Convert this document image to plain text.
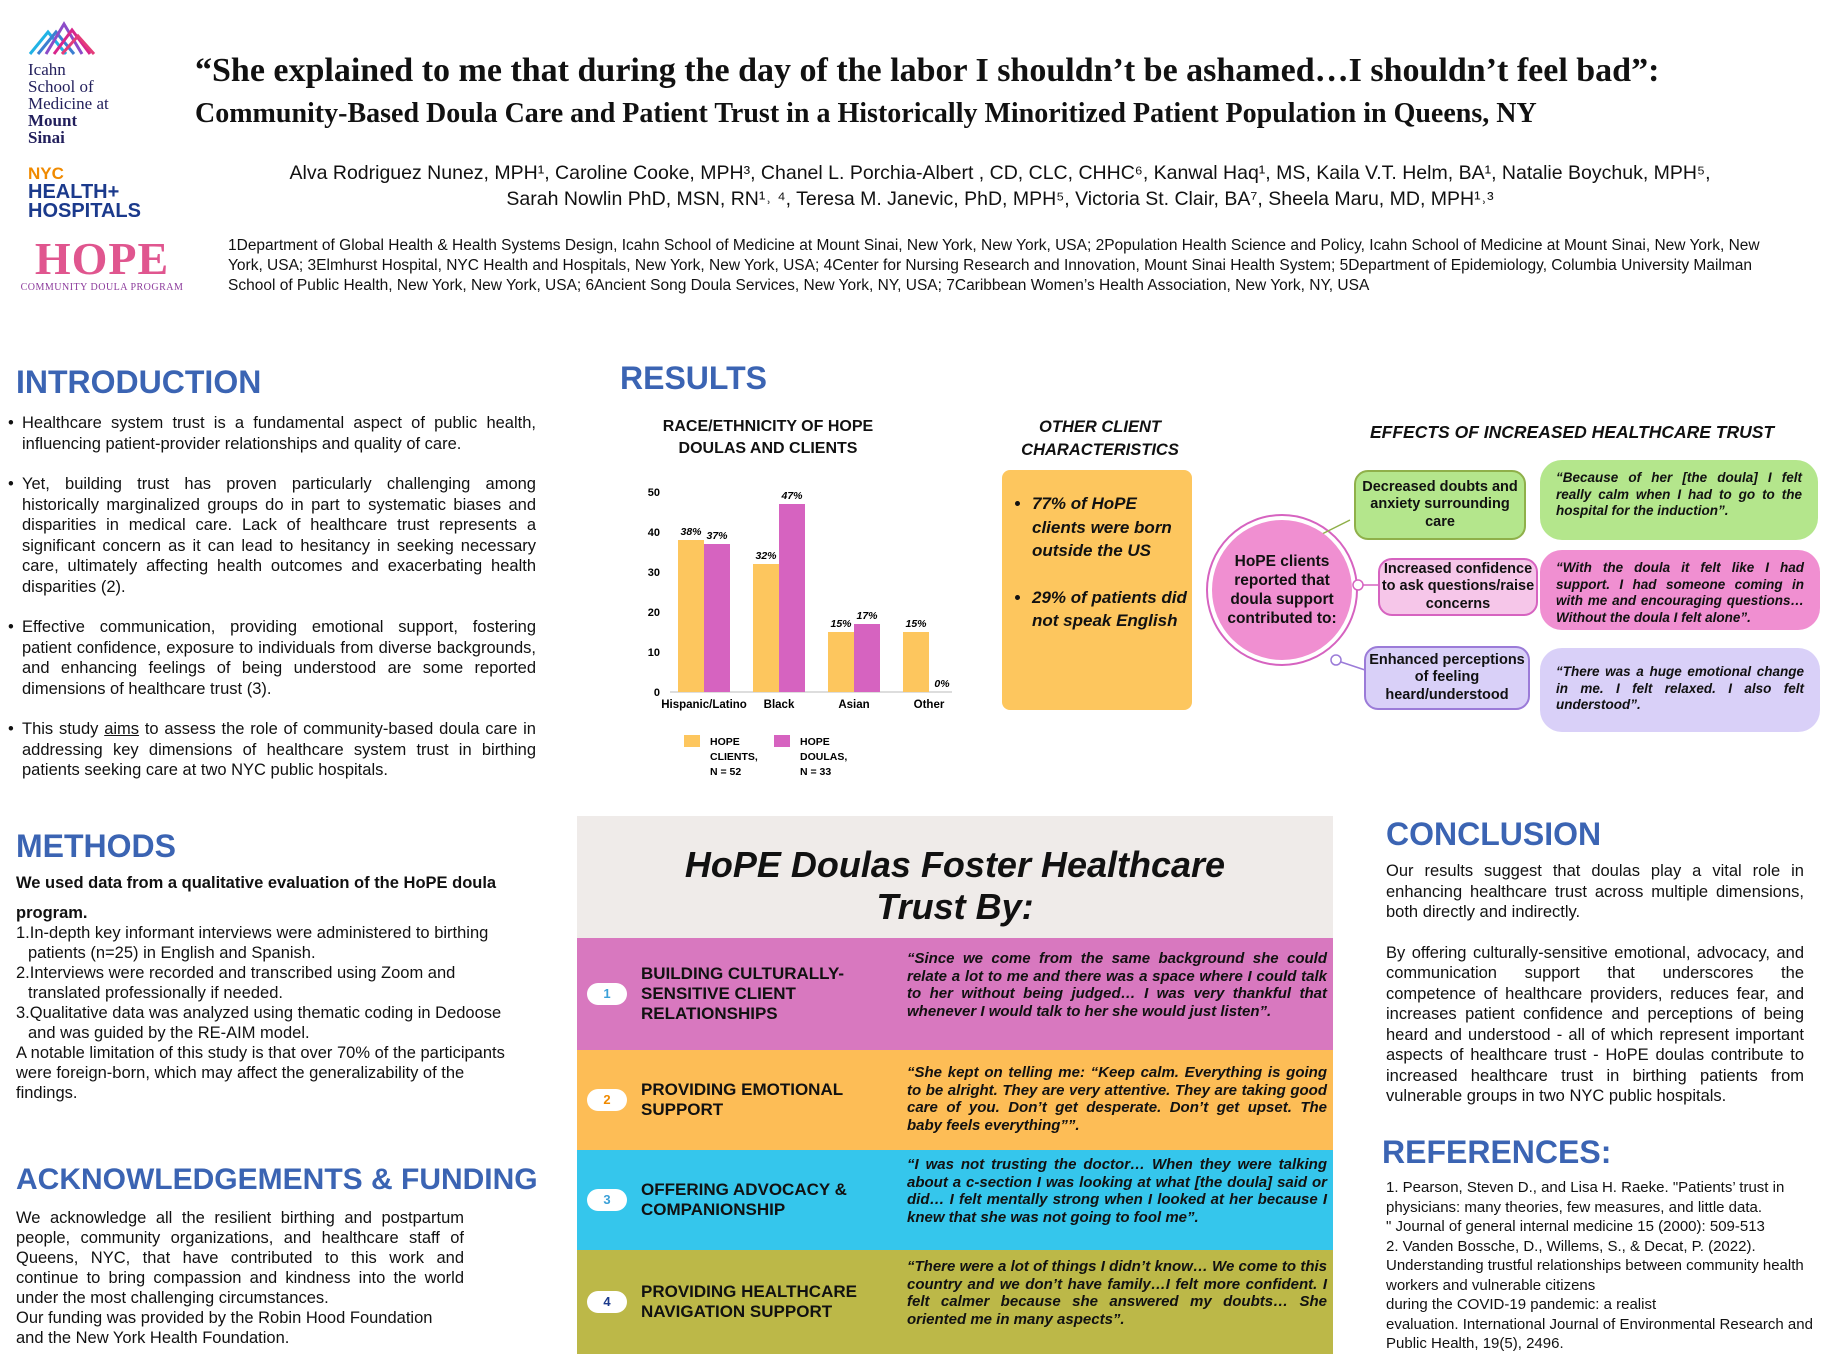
Icahn
School of
Medicine at
Mount
Sinai
NYC
HEALTH+
HOSPITALS
HOPE
COMMUNITY DOULA PROGRAM
“She explained to me that during the day of the labor I shouldn’t be ashamed…I shouldn’t feel bad”:
Community-Based Doula Care and Patient Trust in a Historically Minoritized Patient Population in Queens, NY
Alva Rodriguez Nunez, MPH¹, Caroline Cooke, MPH³, Chanel L. Porchia-Albert , CD, CLC, CHHC⁶, Kanwal Haq¹, MS, Kaila V.T. Helm, BA¹, Natalie Boychuk, MPH⁵,
Sarah Nowlin PhD, MSN, RN¹˒ ⁴, Teresa M. Janevic, PhD, MPH⁵, Victoria St. Clair, BA⁷, Sheela Maru, MD, MPH¹˒³
1Department of Global Health & Health Systems Design, Icahn School of Medicine at Mount Sinai, New York, New York, USA; 2Population Health Science and Policy, Icahn School of Medicine at Mount Sinai, New York, New York, USA; 3Elmhurst Hospital, NYC Health and Hospitals, New York, New York, USA; 4Center for Nursing Research and Innovation, Mount Sinai Health System; 5Department of Epidemiology, Columbia University Mailman School of Public Health, New York, New York, USA; 6Ancient Song Doula Services, New York, NY, USA; 7Caribbean Women’s Health Association, New York, NY, USA
INTRODUCTION
• Healthcare system trust is a fundamental aspect of public health, influencing patient-provider relationships and quality of care.
• Yet, building trust has proven particularly challenging among historically marginalized groups do in part to systematic biases and disparities in medical care. Lack of healthcare trust represents a significant concern as it can lead to hesitancy in seeking necessary care, ultimately affecting health outcomes and exacerbating health disparities (2).
• Effective communication, providing emotional support, fostering patient confidence, exposure to individuals from diverse backgrounds, and enhancing feelings of being understood are some reported dimensions of healthcare trust (3).
• This study aims to assess the role of community-based doula care in addressing key dimensions of healthcare system trust in birthing patients seeking care at two NYC public hospitals.
METHODS
We used data from a qualitative evaluation of the HoPE doula program.
1.In-depth key informant interviews were administered to birthing patients (n=25) in English and Spanish.
2.Interviews were recorded and transcribed using Zoom and translated professionally if needed.
3.Qualitative data was analyzed using thematic coding in Dedoose and was guided by the RE-AIM model.
A notable limitation of this study is that over 70% of the participants were foreign-born, which may affect the generalizability of the findings.
ACKNOWLEDGEMENTS & FUNDING
We acknowledge all the resilient birthing and postpartum people, community organizations, and healthcare staff of Queens, NYC, that have contributed to this work and continue to bring compassion and kindness into the world under the most challenging circumstances.
Our funding was provided by the Robin Hood Foundation and the New York Health Foundation.
RESULTS
RACE/ETHNICITY OF HOPE DOULAS AND CLIENTS
0
10
20
30
40
50
38% 37%
Hispanic/Latino
32%
47%
Black
15%
17%
Asian
15%
0%
Other
HOPE
CLIENTS,
N = 52
HOPE
DOULAS,
N = 33
OTHER CLIENT CHARACTERISTICS
• 77% of HoPE clients were born outside the US
• 29% of patients did not speak English
EFFECTS OF INCREASED HEALTHCARE TRUST
HoPE clients reported that doula support contributed to:
Decreased doubts and anxiety surrounding care
“Because of her [the doula] I felt really calm when I had to go to the hospital for the induction”.
Increased confidence to ask questions/raise concerns
“With the doula it felt like I had support. I had someone coming in with me and encouraging questions… Without the doula I felt alone”.
Enhanced perceptions of feeling heard/understood
“There was a huge emotional change in me. I felt relaxed. I also felt understood”.
HoPE Doulas Foster Healthcare Trust By:
1
BUILDING CULTURALLY-SENSITIVE CLIENT RELATIONSHIPS
“Since we come from the same background she could relate a lot to me and there was a space where I could talk to her without being judged… I was very thankful that whenever I would talk to her she would just listen”.
2
PROVIDING EMOTIONAL SUPPORT
“She kept on telling me: “Keep calm. Everything is going to be alright. They are very attentive. They are taking good care of you. Don’t get desperate. Don’t get upset. The baby feels everything””.
3
OFFERING ADVOCACY & COMPANIONSHIP
“I was not trusting the doctor… When they were talking about a c-section I was looking at what [the doula] said or did… I felt mentally strong when I looked at her because I knew that she was not going to fool me”.
4
PROVIDING HEALTHCARE NAVIGATION SUPPORT
“There were a lot of things I didn’t know… We come to this country and we don’t have family…I felt more confident. I felt calmer because she answered my doubts… She oriented me in many aspects”.
CONCLUSION
Our results suggest that doulas play a vital role in enhancing healthcare trust across multiple dimensions, both directly and indirectly.
By offering culturally-sensitive emotional, advocacy, and communication support that underscores the competence of healthcare providers, reduces fear, and increases patient confidence and perceptions of being heard and understood - all of which represent important aspects of healthcare trust - HoPE doulas contribute to increased healthcare trust in birthing patients from vulnerable groups in two NYC public hospitals.
REFERENCES:
1. Pearson, Steven D., and Lisa H. Raeke. "Patients’ trust in physicians: many theories, few measures, and little data.
" Journal of general internal medicine 15 (2000): 509-513
2. Vanden Bossche, D., Willems, S., & Decat, P. (2022). Understanding trustful relationships between community health workers and vulnerable citizens
during the COVID-19 pandemic: a realist
evaluation. International Journal of Environmental Research and Public Health, 19(5), 2496.
